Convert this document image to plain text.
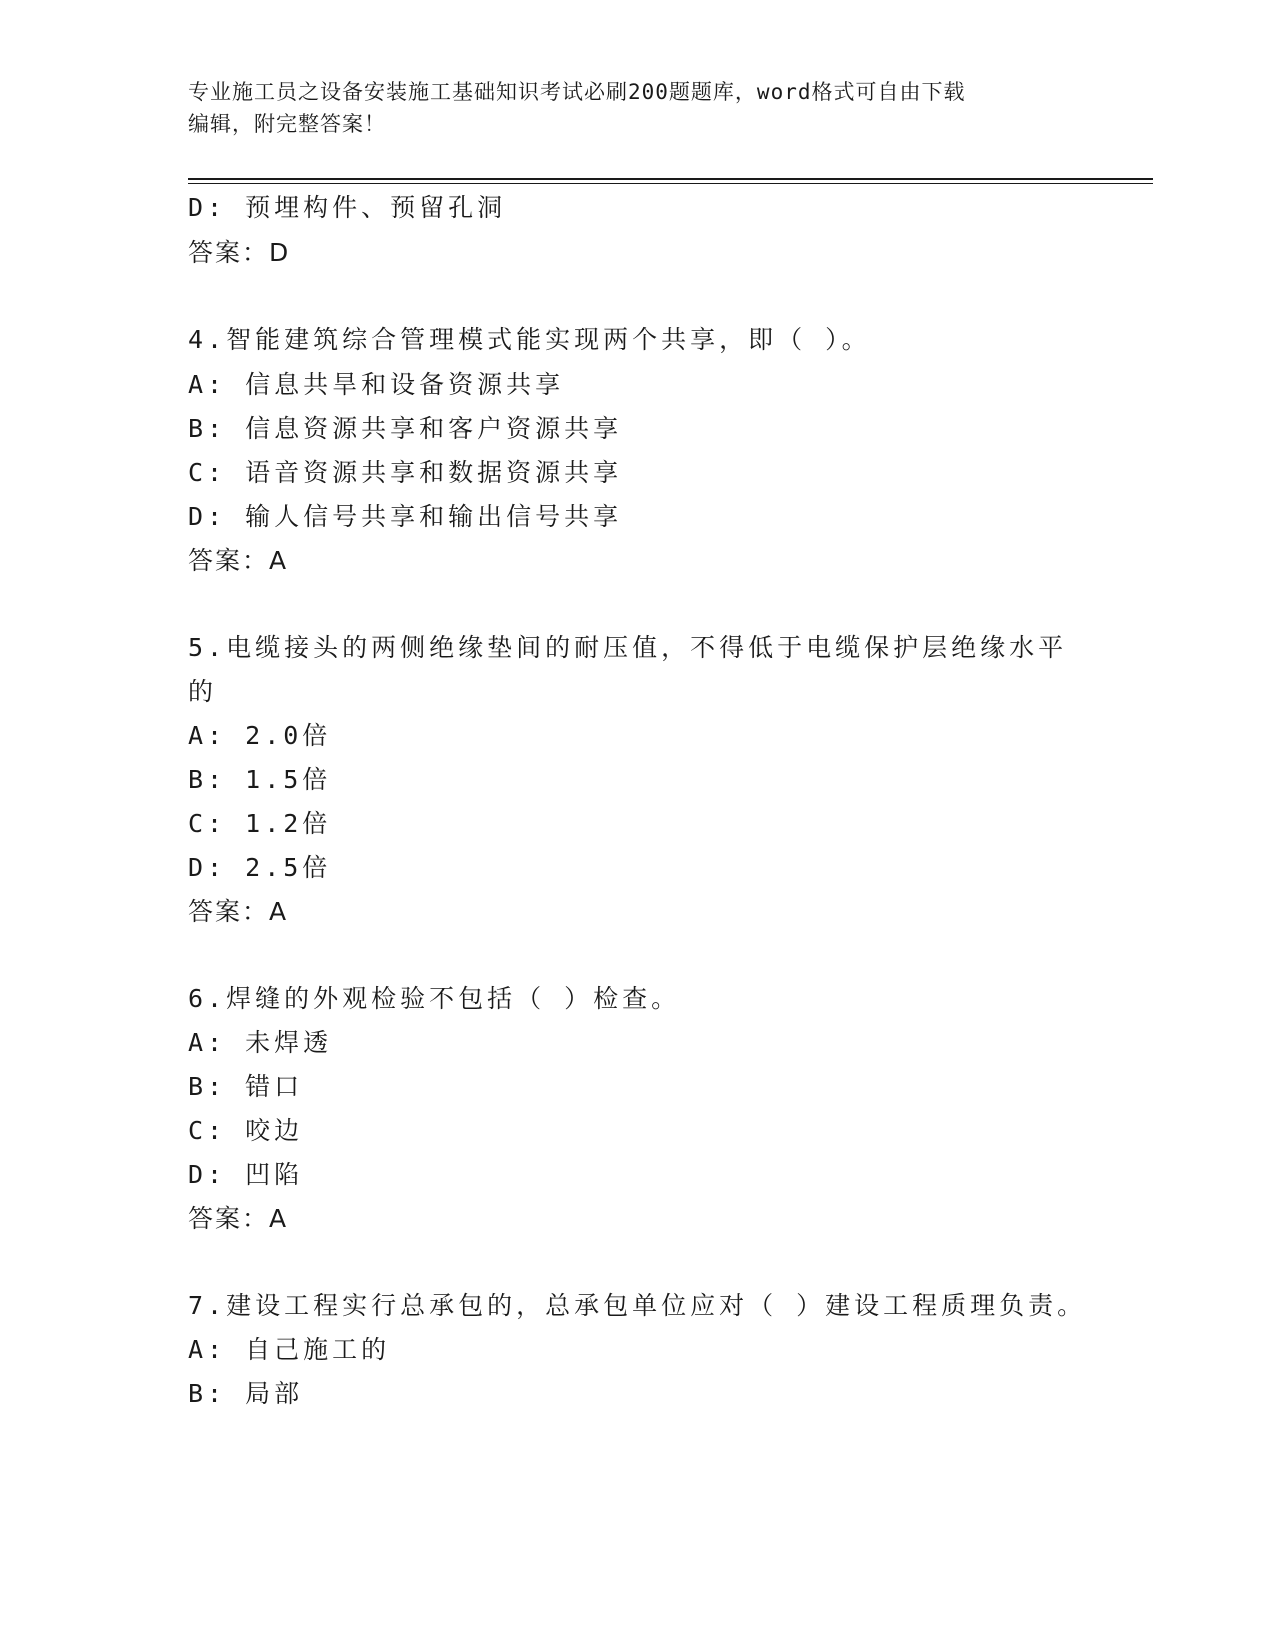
专业施工员之设备安装施工基础知识考试必刷200题题库，word格式可自由下载
编辑，附完整答案！
D: 预埋构件、预留孔洞
答案：D
4.智能建筑综合管理模式能实现两个共享，即（ ）。
A: 信息共旱和设备资源共享
B: 信息资源共享和客户资源共享
C: 语音资源共享和数据资源共享
D: 输人信号共享和输出信号共享
答案：A
5.电缆接头的两侧绝缘垫间的耐压值，不得低于电缆保护层绝缘水平
的
A: 2.0倍
B: 1.5倍
C: 1.2倍
D: 2.5倍
答案：A
6.焊缝的外观检验不包括（ ）检查。
A: 未焊透
B: 错口
C: 咬边
D: 凹陷
答案：A
7.建设工程实行总承包的，总承包单位应对（ ）建设工程质理负责。
A: 自己施工的
B: 局部
